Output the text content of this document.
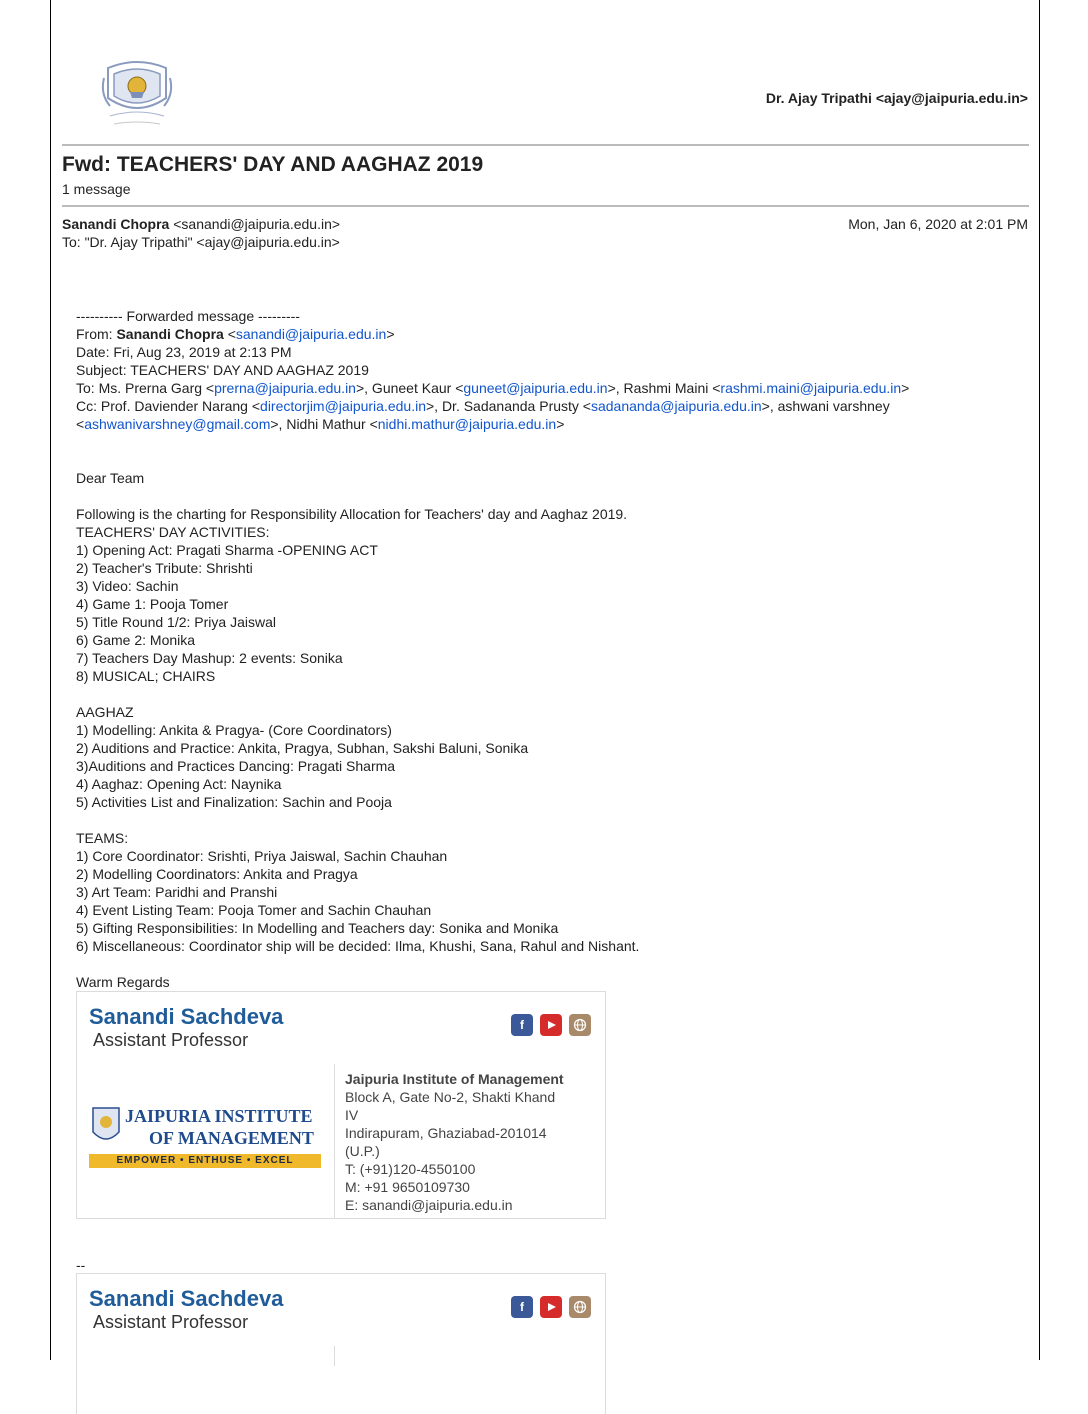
Dr. Ajay Tripathi <ajay@jaipuria.edu.in>
Fwd: TEACHERS' DAY AND AAGHAZ 2019
1 message
Sanandi Chopra <sanandi@jaipuria.edu.in>
To: "Dr. Ajay Tripathi" <ajay@jaipuria.edu.in>
Mon, Jan 6, 2020 at 2:01 PM
---------- Forwarded message ---------
From: Sanandi Chopra <sanandi@jaipuria.edu.in>
Date: Fri, Aug 23, 2019 at 2:13 PM
Subject: TEACHERS' DAY AND AAGHAZ 2019
To: Ms. Prerna Garg <prerna@jaipuria.edu.in>, Guneet Kaur <guneet@jaipuria.edu.in>, Rashmi Maini <rashmi.maini@jaipuria.edu.in>
Cc: Prof. Daviender Narang <directorjim@jaipuria.edu.in>, Dr. Sadananda Prusty <sadananda@jaipuria.edu.in>, ashwani varshney
<ashwanivarshney@gmail.com>, Nidhi Mathur <nidhi.mathur@jaipuria.edu.in>
Dear Team
Following is the charting for Responsibility Allocation for Teachers' day and Aaghaz 2019.
TEACHERS' DAY ACTIVITIES:
1) Opening Act: Pragati Sharma -OPENING ACT
2) Teacher's Tribute: Shrishti
3) Video: Sachin
4) Game 1: Pooja Tomer
5) Title Round 1/2: Priya Jaiswal
6) Game 2: Monika
7) Teachers Day Mashup: 2 events: Sonika
8) MUSICAL; CHAIRS
AAGHAZ
1) Modelling: Ankita & Pragya- (Core Coordinators)
2) Auditions and Practice: Ankita, Pragya, Subhan, Sakshi Baluni, Sonika
3)Auditions and Practices Dancing: Pragati Sharma
4) Aaghaz: Opening Act: Naynika
5) Activities List and Finalization: Sachin and Pooja
TEAMS:
1) Core Coordinator: Srishti, Priya Jaiswal, Sachin Chauhan
2) Modelling Coordinators: Ankita and Pragya
3) Art Team: Paridhi and Pranshi
4) Event Listing Team: Pooja Tomer and Sachin Chauhan
5) Gifting Responsibilities: In Modelling and Teachers day: Sonika and Monika
6) Miscellaneous: Coordinator ship will be decided: Ilma, Khushi, Sana, Rahul and Nishant.
Warm Regards
Sanandi Sachdeva
Assistant Professor
f
JAIPURIA INSTITUTE
OF MANAGEMENT
EMPOWER • ENTHUSE • EXCEL
Jaipuria Institute of Management
Block A, Gate No-2, Shakti Khand
IV
Indirapuram, Ghaziabad-201014
(U.P.)
T: (+91)120-4550100
M: +91 9650109730
E: sanandi@jaipuria.edu.in
--
Sanandi Sachdeva
Assistant Professor
f
